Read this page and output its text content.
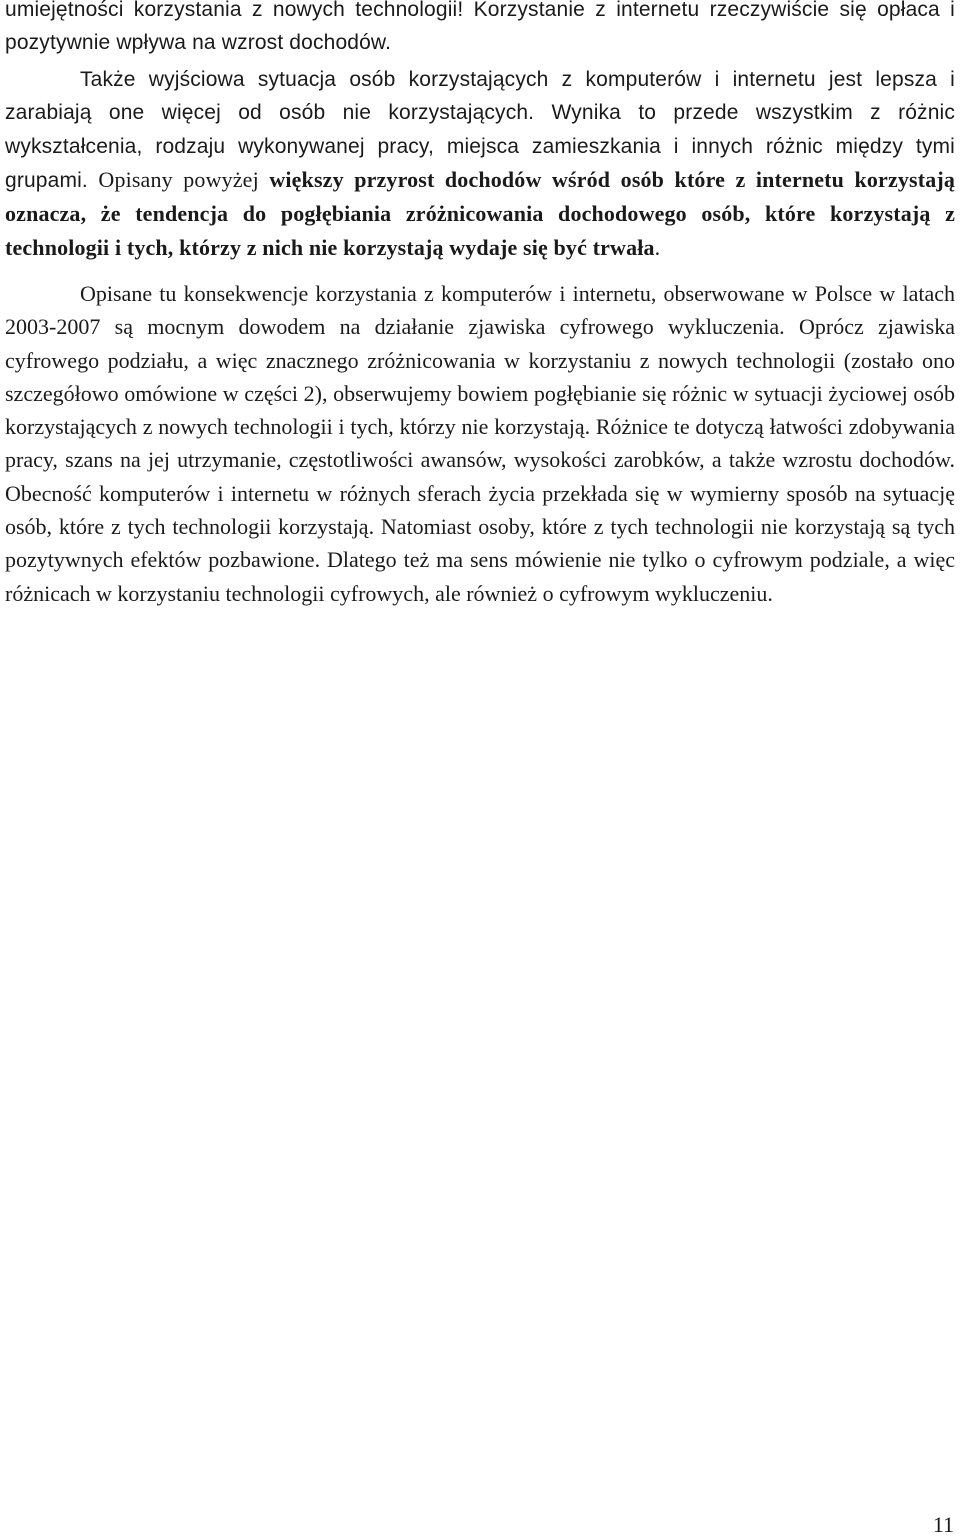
umiejętności korzystania z nowych technologii! Korzystanie z internetu rzeczywiście się opłaca i pozytywnie wpływa na wzrost dochodów.

Także wyjściowa sytuacja osób korzystających z komputerów i internetu jest lepsza i zarabiają one więcej od osób nie korzystających. Wynika to przede wszystkim z różnic wykształcenia, rodzaju wykonywanej pracy, miejsca zamieszkania i innych różnic między tymi grupami. Opisany powyżej większy przyrost dochodów wśród osób które z internetu korzystają oznacza, że tendencja do pogłębiania zróżnicowania dochodowego osób, które korzystają z technologii i tych, którzy z nich nie korzystają wydaje się być trwała.

Opisane tu konsekwencje korzystania z komputerów i internetu, obserwowane w Polsce w latach 2003-2007 są mocnym dowodem na działanie zjawiska cyfrowego wykluczenia. Oprócz zjawiska cyfrowego podziału, a więc znacznego zróżnicowania w korzystaniu z nowych technologii (zostało ono szczegółowo omówione w części 2), obserwujemy bowiem pogłębianie się różnic w sytuacji życiowej osób korzystających z nowych technologii i tych, którzy nie korzystają. Różnice te dotyczą łatwości zdobywania pracy, szans na jej utrzymanie, częstotliwości awansów, wysokości zarobków, a także wzrostu dochodów. Obecność komputerów i internetu w różnych sferach życia przekłada się w wymierny sposób na sytuację osób, które z tych technologii korzystają. Natomiast osoby, które z tych technologii nie korzystają są tych pozytywnych efektów pozbawione. Dlatego też ma sens mówienie nie tylko o cyfrowym podziale, a więc różnicach w korzystaniu technologii cyfrowych, ale również o cyfrowym wykluczeniu.

11
